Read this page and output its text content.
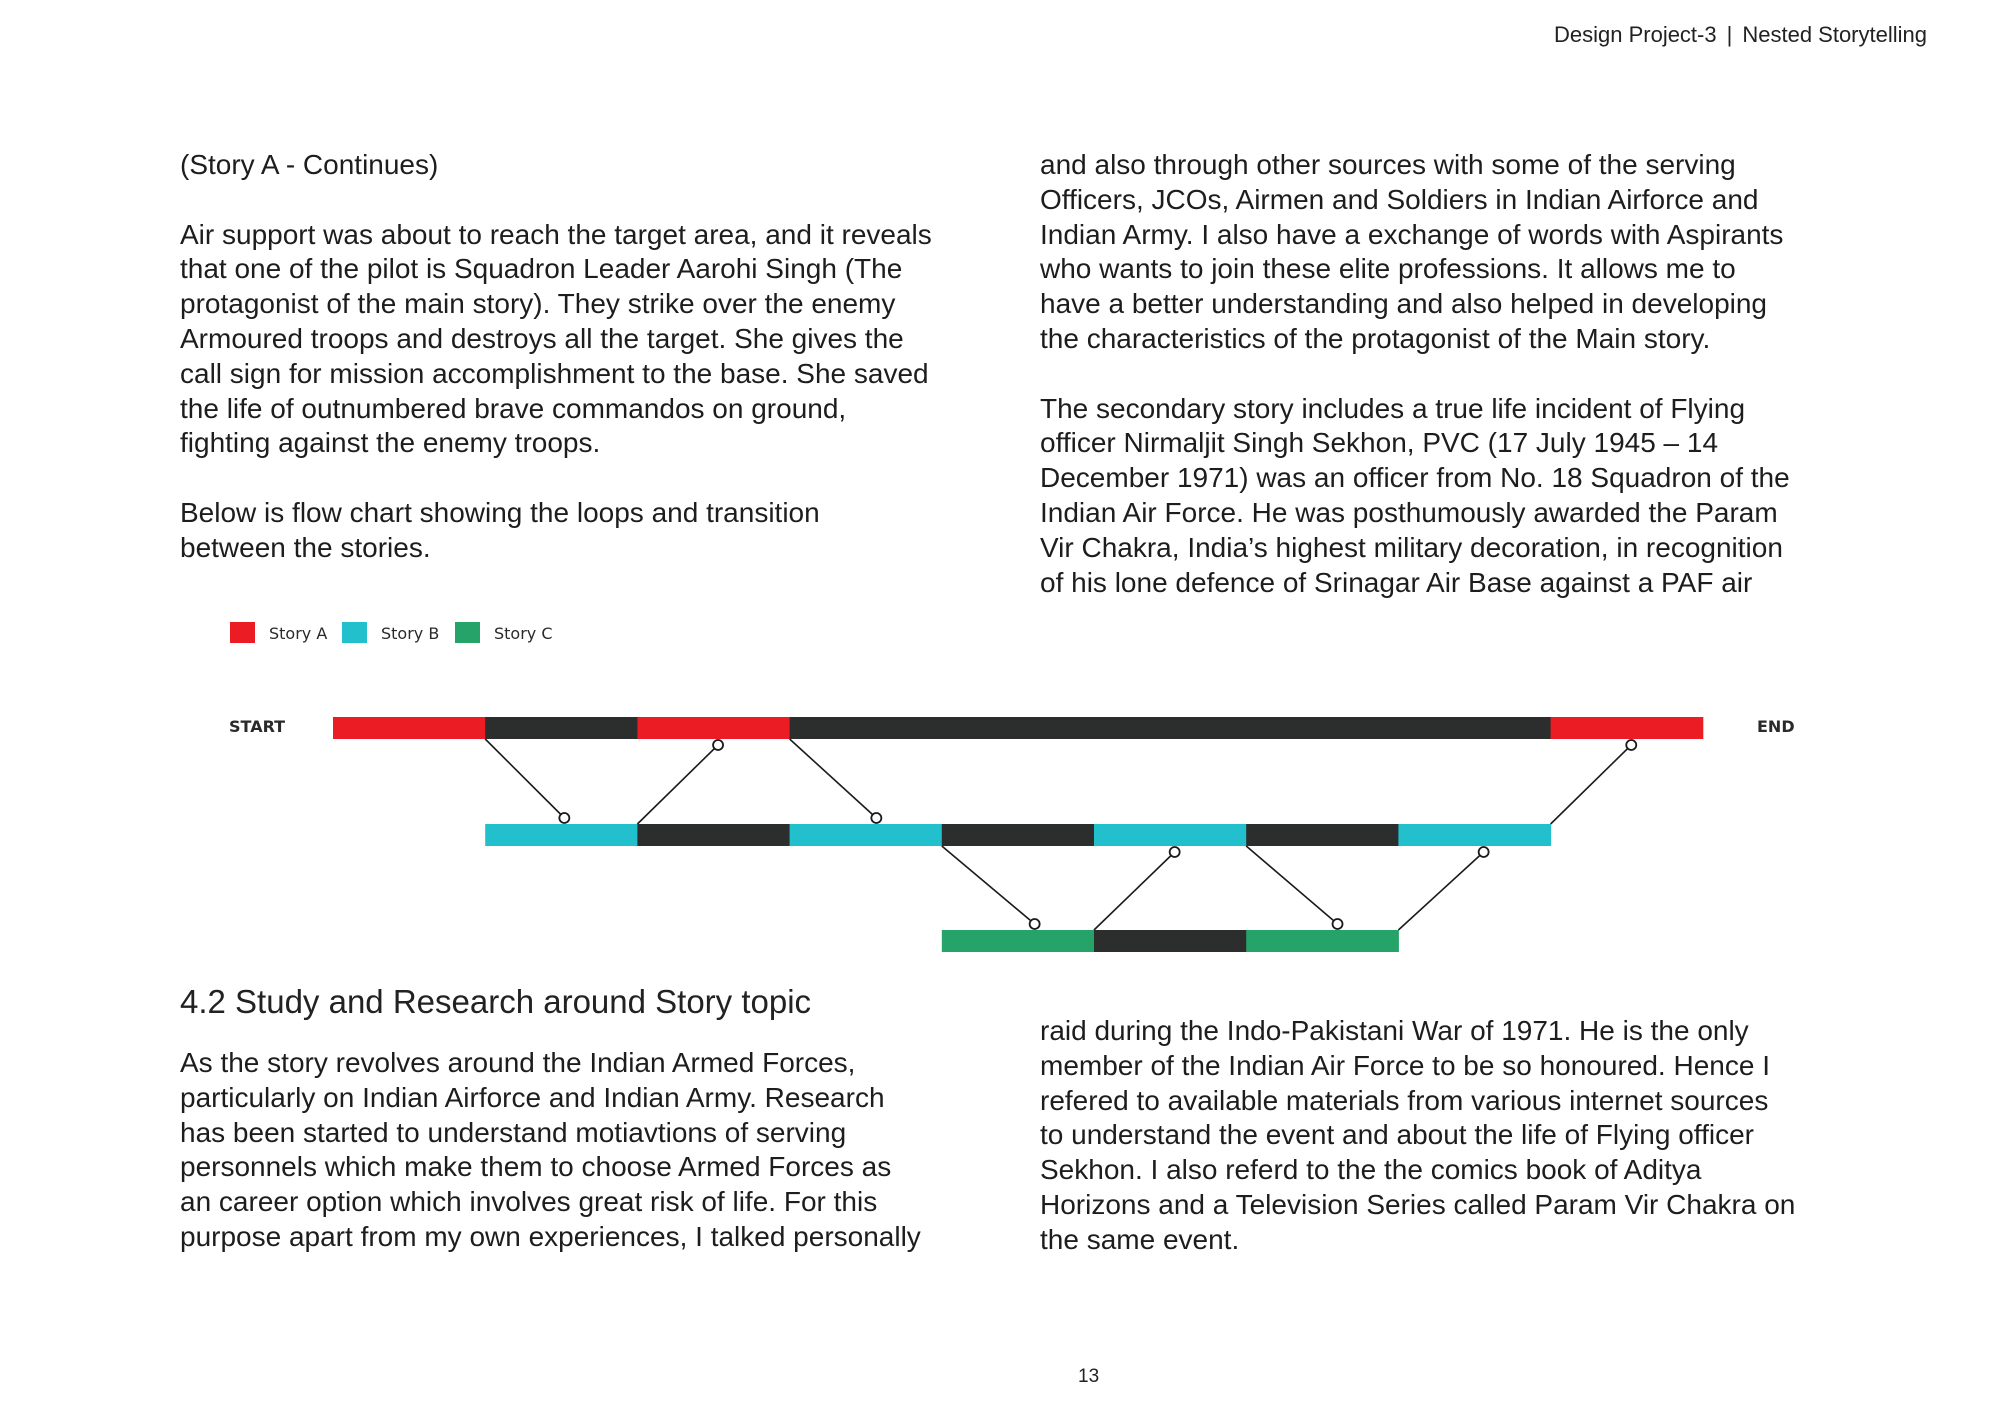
Design Project-3 | Nested Storytelling

(Story A - Continues)

Air support was about to reach the target area, and it reveals
that one of the pilot is Squadron Leader Aarohi Singh (The
protagonist of the main story). They strike over the enemy
Armoured troops and destroys all the target. She gives the
call sign for mission accomplishment to the base. She saved
the life of outnumbered brave commandos on ground,
fighting against the enemy troops.

Below is flow chart showing the loops and transition
between the stories.

and also through other sources with some of the serving
Officers, JCOs, Airmen and Soldiers in Indian Airforce and
Indian Army. I also have a exchange of words with Aspirants
who wants to join these elite professions. It allows me to
have a better understanding and also helped in developing
the characteristics of the protagonist of the Main story.

The secondary story includes a true life incident of Flying
officer Nirmaljit Singh Sekhon, PVC (17 July 1945 – 14
December 1971) was an officer from No. 18 Squadron of the
Indian Air Force. He was posthumously awarded the Param
Vir Chakra, India’s highest military decoration, in recognition
of his lone defence of Srinagar Air Base against a PAF air

Story A	Story B	Story C
START	END
4.2 Study and Research around Story topic

As the story revolves around the Indian Armed Forces,
particularly on Indian Airforce and Indian Army. Research
has been started to understand motiavtions of serving
personnels which make them to choose Armed Forces as
an career option which involves great risk of life. For this
purpose apart from my own experiences, I talked personally

raid during the Indo-Pakistani War of 1971. He is the only
member of the Indian Air Force to be so honoured. Hence I
refered to available materials from various internet sources
to understand the event and about the life of Flying officer
Sekhon. I also referd to the the comics book of Aditya
Horizons and a Television Series called Param Vir Chakra on
the same event.

13
